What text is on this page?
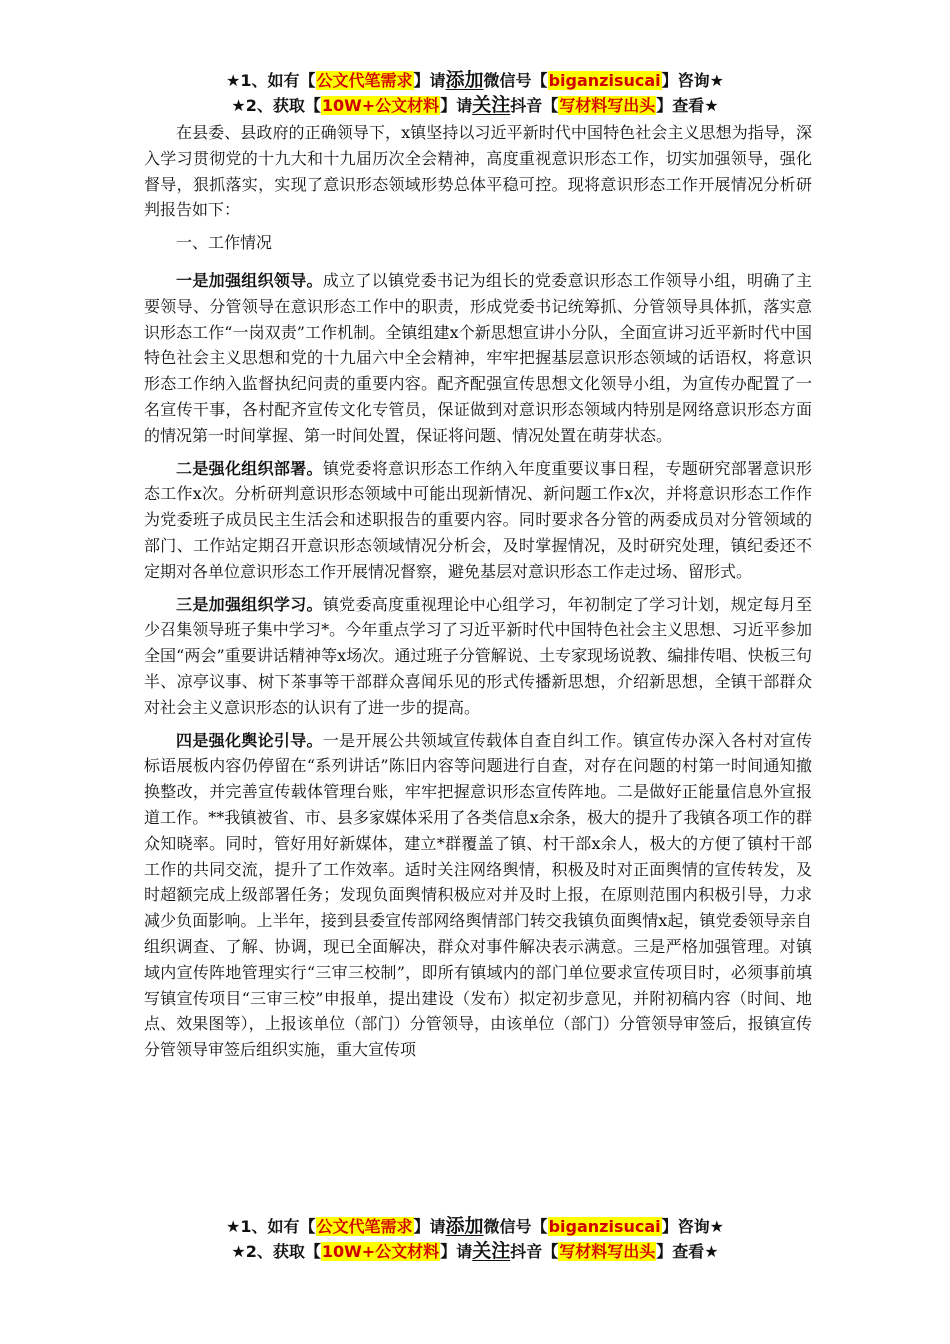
★1、如有【公文代笔需求】请添加微信号【biganzisucai】咨询★
★2、获取【10W+公文材料】请关注抖音【写材料写出头】查看★

在县委、县政府的正确领导下，x镇坚持以习近平新时代中国特色社会主义思想为指导，深入学习贯彻党的十九大和十九届历次全会精神，高度重视意识形态工作，切实加强领导，强化督导，狠抓落实，实现了意识形态领域形势总体平稳可控。现将意识形态工作开展情况分析研判报告如下：

一、工作情况

一是加强组织领导。成立了以镇党委书记为组长的党委意识形态工作领导小组，明确了主要领导、分管领导在意识形态工作中的职责，形成党委书记统筹抓、分管领导具体抓，落实意识形态工作“一岗双责”工作机制。全镇组建x个新思想宣讲小分队，全面宣讲习近平新时代中国特色社会主义思想和党的十九届六中全会精神，牢牢把握基层意识形态领域的话语权，将意识形态工作纳入监督执纪问责的重要内容。配齐配强宣传思想文化领导小组，为宣传办配置了一名宣传干事，各村配齐宣传文化专管员，保证做到对意识形态领域内特别是网络意识形态方面的情况第一时间掌握、第一时间处置，保证将问题、情况处置在萌芽状态。

二是强化组织部署。镇党委将意识形态工作纳入年度重要议事日程，专题研究部署意识形态工作x次。分析研判意识形态领域中可能出现新情况、新问题工作x次，并将意识形态工作作为党委班子成员民主生活会和述职报告的重要内容。同时要求各分管的两委成员对分管领域的部门、工作站定期召开意识形态领域情况分析会，及时掌握情况，及时研究处理，镇纪委还不定期对各单位意识形态工作开展情况督察，避免基层对意识形态工作走过场、留形式。

三是加强组织学习。镇党委高度重视理论中心组学习，年初制定了学习计划，规定每月至少召集领导班子集中学习*。今年重点学习了习近平新时代中国特色社会主义思想、习近平参加全国“两会”重要讲话精神等x场次。通过班子分管解说、土专家现场说教、编排传唱、快板三句半、凉亭议事、树下茶事等干部群众喜闻乐见的形式传播新思想，介绍新思想，全镇干部群众对社会主义意识形态的认识有了进一步的提高。

四是强化舆论引导。一是开展公共领域宣传载体自查自纠工作。镇宣传办深入各村对宣传标语展板内容仍停留在“系列讲话”陈旧内容等问题进行自查，对存在问题的村第一时间通知撤换整改，并完善宣传载体管理台账，牢牢把握意识形态宣传阵地。二是做好正能量信息外宣报道工作。**我镇被省、市、县多家媒体采用了各类信息x余条，极大的提升了我镇各项工作的群众知晓率。同时，管好用好新媒体，建立*群覆盖了镇、村干部x余人，极大的方便了镇村干部工作的共同交流，提升了工作效率。适时关注网络舆情，积极及时对正面舆情的宣传转发，及时超额完成上级部署任务；发现负面舆情积极应对并及时上报，在原则范围内积极引导，力求减少负面影响。上半年，接到县委宣传部网络舆情部门转交我镇负面舆情x起，镇党委领导亲自组织调查、了解、协调，现已全面解决，群众对事件解决表示满意。三是严格加强管理。对镇域内宣传阵地管理实行“三审三校制”，即所有镇域内的部门单位要求宣传项目时，必须事前填写镇宣传项目“三审三校”申报单，提出建设（发布）拟定初步意见，并附初稿内容（时间、地点、效果图等），上报该单位（部门）分管领导，由该单位（部门）分管领导审签后，报镇宣传分管领导审签后组织实施，重大宣传项

★1、如有【公文代笔需求】请添加微信号【biganzisucai】咨询★
★2、获取【10W+公文材料】请关注抖音【写材料写出头】查看★
